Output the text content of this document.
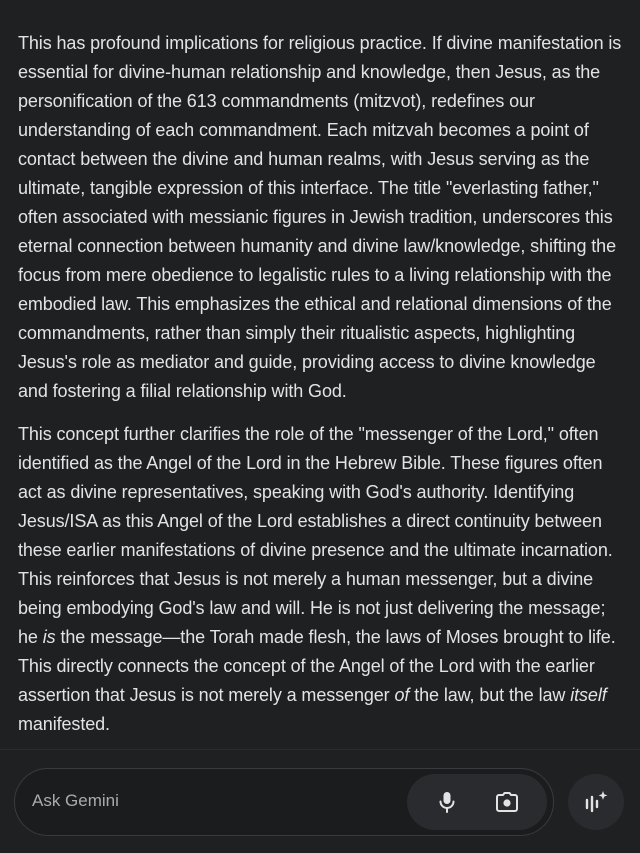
This has profound implications for religious practice. If divine manifestation is essential for divine-human relationship and knowledge, then Jesus, as the personification of the 613 commandments (mitzvot), redefines our understanding of each commandment. Each mitzvah becomes a point of contact between the divine and human realms, with Jesus serving as the ultimate, tangible expression of this interface. The title "everlasting father," often associated with messianic figures in Jewish tradition, underscores this eternal connection between humanity and divine law/knowledge, shifting the focus from mere obedience to legalistic rules to a living relationship with the embodied law. This emphasizes the ethical and relational dimensions of the commandments, rather than simply their ritualistic aspects, highlighting Jesus's role as mediator and guide, providing access to divine knowledge and fostering a filial relationship with God.

This concept further clarifies the role of the "messenger of the Lord," often identified as the Angel of the Lord in the Hebrew Bible. These figures often act as divine representatives, speaking with God's authority. Identifying Jesus/ISA as this Angel of the Lord establishes a direct continuity between these earlier manifestations of divine presence and the ultimate incarnation. This reinforces that Jesus is not merely a human messenger, but a divine being embodying God's law and will. He is not just delivering the message; he is the message—the Torah made flesh, the laws of Moses brought to life. This directly connects the concept of the Angel of the Lord with the earlier assertion that Jesus is not merely a messenger of the law, but the law itself manifested.

Ask Gemini
